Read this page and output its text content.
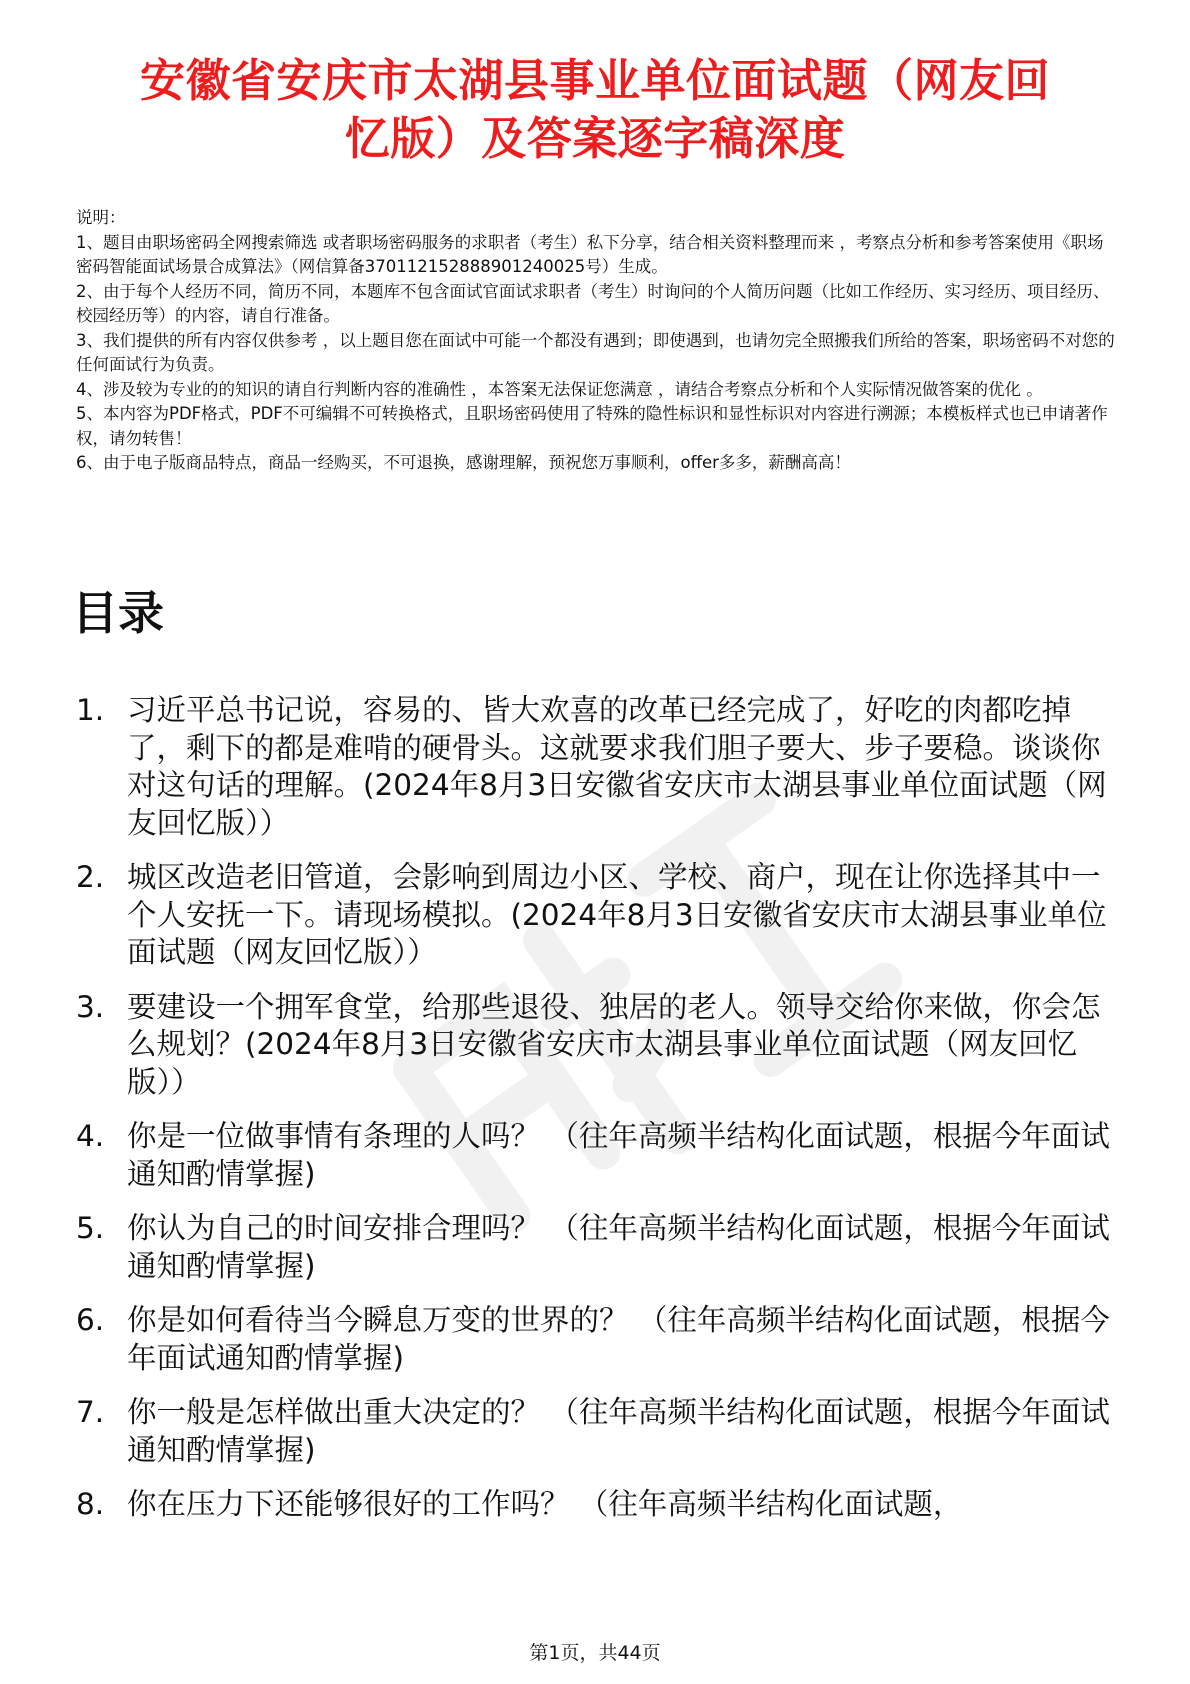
安徽省安庆市太湖县事业单位面试题（网友回
忆版）及答案逐字稿深度

说明：

1、题目由职场密码全网搜索筛选 或者职场密码服务的求职者（考生）私下分享，结合相关资料整理而来 ，考察点分析和参考答案使用《职场密码智能面试场景合成算法》（网信算备370112152888901240025号）生成。

2、由于每个人经历不同，简历不同，本题库不包含面试官面试求职者（考生）时询问的个人简历问题（比如工作经历、实习经历、项目经历、校园经历等）的内容，请自行准备。

3、我们提供的所有内容仅供参考 ，以上题目您在面试中可能一个都没有遇到；即使遇到，也请勿完全照搬我们所给的答案，职场密码不对您的任何面试行为负责。

4、涉及较为专业的的知识的请自行判断内容的准确性 ，本答案无法保证您满意 ，请结合考察点分析和个人实际情况做答案的优化 。

5、本内容为PDF格式，PDF不可编辑不可转换格式，且职场密码使用了特殊的隐性标识和显性标识对内容进行溯源；本模板样式也已申请著作权，请勿转售！

6、由于电子版商品特点，商品一经购买，不可退换，感谢理解，预祝您万事顺利，offer多多，薪酬高高！

目录
1. 习近平总书记说，容易的、皆大欢喜的改革已经完成了，好吃的肉都吃掉了，剩下的都是难啃的硬骨头。这就要求我们胆子要大、步子要稳。谈谈你对这句话的理解。(2024年8月3日安徽省安庆市太湖县事业单位面试题（网友回忆版））
2. 城区改造老旧管道，会影响到周边小区、学校、商户，现在让你选择其中一个人安抚一下。请现场模拟。(2024年8月3日安徽省安庆市太湖县事业单位面试题（网友回忆版））
3. 要建设一个拥军食堂，给那些退役、独居的老人。领导交给你来做，你会怎么规划？(2024年8月3日安徽省安庆市太湖县事业单位面试题（网友回忆版））
4. 你是一位做事情有条理的人吗？ （往年高频半结构化面试题，根据今年面试通知酌情掌握)
5. 你认为自己的时间安排合理吗？ （往年高频半结构化面试题，根据今年面试通知酌情掌握)
6. 你是如何看待当今瞬息万变的世界的？ （往年高频半结构化面试题，根据今年面试通知酌情掌握)
7. 你一般是怎样做出重大决定的？ （往年高频半结构化面试题，根据今年面试通知酌情掌握)
8. 你在压力下还能够很好的工作吗？ （往年高频半结构化面试题，
第1页，共44页
